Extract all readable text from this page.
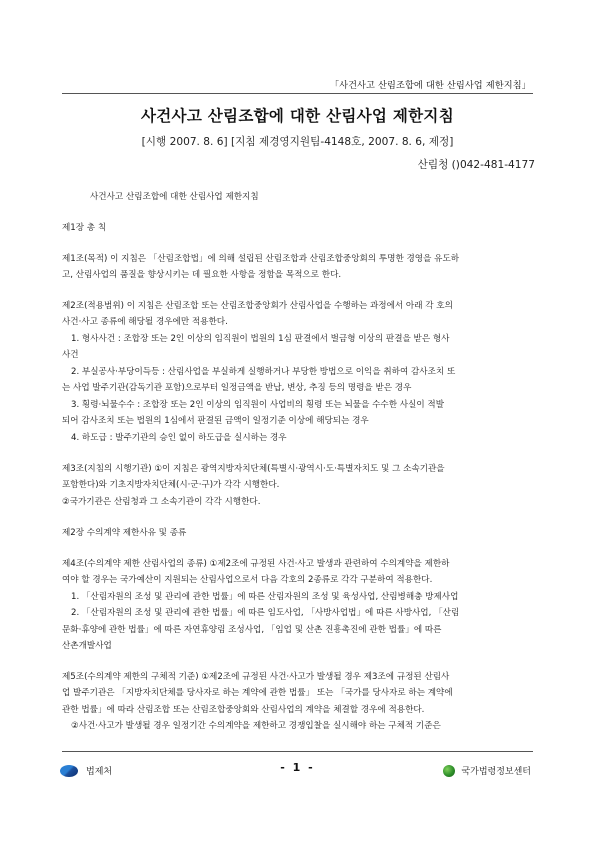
「사건사고 산림조합에 대한 산림사업 제한지침」
사건사고 산림조합에 대한 산림사업 제한지침
[시행 2007. 8. 6] [지침 제경영지원팀-4148호, 2007. 8. 6, 제정]
산림청 ()042-481-4177
사건사고 산림조합에 대한 산림사업 제한지침
제1장 총 칙
제1조(목적) 이 지침은 「산림조합법」에 의해 설립된 산림조합과 산림조합중앙회의 투명한 경영을 유도하
고, 산림사업의 품질을 향상시키는 데 필요한 사항을 정함을 목적으로 한다.
제2조(적용범위) 이 지침은 산림조합 또는 산림조합중앙회가 산림사업을 수행하는 과정에서 아래 각 호의
사건·사고 종류에 해당될 경우에만 적용한다.
1. 형사사건 : 조합장 또는 2인 이상의 임직원이 법원의 1심 판결에서 벌금형 이상의 판결을 받은 형사
사건
2. 부실공사·부당이득등 : 산림사업을 부실하게 실행하거나 부당한 방법으로 이익을 취하여 감사조치 또
는 사업 발주기관(감독기관 포함)으로부터 일정금액을 반납, 변상, 추징 등의 명령을 받은 경우
3. 횡령·뇌물수수 : 조합장 또는 2인 이상의 임직원이 사업비의 횡령 또는 뇌물을 수수한 사실이 적발
되어 감사조치 또는 법원의 1심에서 판결된 금액이 일정기준 이상에 해당되는 경우
4. 하도급 : 발주기관의 승인 없이 하도급을 실시하는 경우
제3조(지침의 시행기관) ①이 지침은 광역지방자치단체(특별시·광역시·도·특별자치도 및 그 소속기관을
포함한다)와 기초지방자치단체(시·군·구)가 각각 시행한다.
②국가기관은 산림청과 그 소속기관이 각각 시행한다.
제2장 수의계약 제한사유 및 종류
제4조(수의계약 제한 산림사업의 종류) ①제2조에 규정된 사건·사고 발생과 관련하여 수의계약을 제한하
여야 할 경우는 국가예산이 지원되는 산림사업으로서 다음 각호의 2종류로 각각 구분하여 적용한다.
1. 「산림자원의 조성 및 관리에 관한 법률」에 따른 산림자원의 조성 및 육성사업, 산림병해충 방제사업
2. 「산림자원의 조성 및 관리에 관한 법률」에 따른 임도사업, 「사방사업법」에 따른 사방사업, 「산림
문화·휴양에 관한 법률」에 따른 자연휴양림 조성사업, 「임업 및 산촌 진흥촉진에 관한 법률」에 따른
산촌개발사업
제5조(수의계약 제한의 구체적 기준) ①제2조에 규정된 사건·사고가 발생될 경우 제3조에 규정된 산림사
업 발주기관은 「지방자치단체를 당사자로 하는 계약에 관한 법률」 또는 「국가를 당사자로 하는 계약에
관한 법률」에 따라 산림조합 또는 산림조합중앙회와 산림사업의 계약을 체결할 경우에 적용한다.
②사건·사고가 발생될 경우 일정기간 수의계약을 제한하고 경쟁입찰을 실시해야 하는 구체적 기준은
법제처	- 1 -	국가법령정보센터
